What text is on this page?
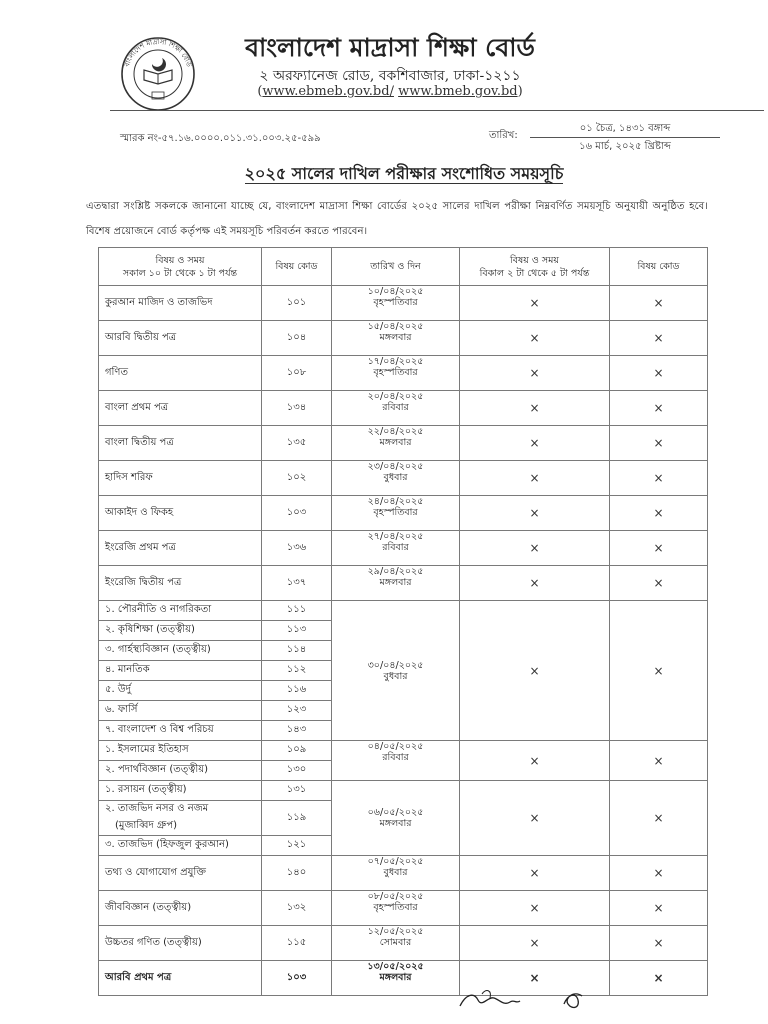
বাংলাদেশ মাদ্রাসা শিক্ষা বোর্ড
বাংলাদেশ মাদ্রাসা শিক্ষা বোর্ড
২ অরফ্যানেজ রোড, বকশিবাজার, ঢাকা-১২১১
(www.ebmeb.gov.bd/ www.bmeb.gov.bd)
স্মারক নং-৫৭.১৬.০০০০.০১১.৩১.০০৩.২৫-৫৯৯	তারিখ:
০১ চৈত্র, ১৪৩১ বঙ্গাব্দ
১৬ মার্চ, ২০২৫ খ্রিষ্টাব্দ
২০২৫ সালের দাখিল পরীক্ষার সংশোধিত সময়সূচি
এতদ্বারা সংশ্লিষ্ট সকলকে জানানো যাচ্ছে যে, বাংলাদেশ মাদ্রাসা শিক্ষা বোর্ডের ২০২৫ সালের দাখিল পরীক্ষা নিম্নবর্ণিত সময়সূচি অনুযায়ী অনুষ্ঠিত হবে। বিশেষ প্রয়োজনে বোর্ড কর্তৃপক্ষ এই সময়সূচি পরিবর্তন করতে পারবেন।
বিষয় ও সময়
সকাল ১০ টা থেকে ১ টা পর্যন্ত	বিষয় কোড	তারিখ ও দিন	বিষয় ও সময়
বিকাল ২ টা থেকে ৫ টা পর্যন্ত	বিষয় কোড
কুরআন মাজিদ ও তাজভিদ	১০১	১০/০৪/২০২৫
বৃহস্পতিবার	×	×
আরবি দ্বিতীয় পত্র	১০৪	১৫/০৪/২০২৫
মঙ্গলবার	×	×
গণিত	১০৮	১৭/০৪/২০২৫
বৃহস্পতিবার	×	×
বাংলা প্রথম পত্র	১৩৪	২০/০৪/২০২৫
রবিবার	×	×
বাংলা দ্বিতীয় পত্র	১৩৫	২২/০৪/২০২৫
মঙ্গলবার	×	×
হাদিস শরিফ	১০২	২৩/০৪/২০২৫
বুধবার	×	×
আকাইদ ও ফিকহ	১০৩	২৪/০৪/২০২৫
বৃহস্পতিবার	×	×
ইংরেজি প্রথম পত্র	১৩৬	২৭/০৪/২০২৫
রবিবার	×	×
ইংরেজি দ্বিতীয় পত্র	১৩৭	২৯/০৪/২০২৫
মঙ্গলবার	×	×

১. পৌরনীতি ও নাগরিকতা	১১১	৩০/০৪/২০২৫
বুধবার	×	×

২. কৃষিশিক্ষা (তত্ত্বীয়)	১১৩			

৩. গার্হস্থ্যবিজ্ঞান (তত্ত্বীয়)	১১৪			

৪. মানতিক	১১২			

৫. উর্দু	১১৬			

৬. ফার্সি	১২৩			

৭. বাংলাদেশ ও বিশ্ব পরিচয়	১৪৩			

১. ইসলামের ইতিহাস	১০৯	০৪/০৫/২০২৫
রবিবার	×	×

২. পদার্থবিজ্ঞান (তত্ত্বীয়)	১৩০			

১. রসায়ন (তত্ত্বীয়)	১৩১	০৬/০৫/২০২৫
মঙ্গলবার	×	×

২. তাজভিদ নসর ও নজম
(মুজাব্বিদ গ্রুপ)	১১৯			

৩. তাজভিদ (হিফজুল কুরআন)	১২১			
তথ্য ও যোগাযোগ প্রযুক্তি	১৪০	০৭/০৫/২০২৫
বুধবার	×	×
জীববিজ্ঞান (তত্ত্বীয়)	১৩২	০৮/০৫/২০২৫
বৃহস্পতিবার	×	×
উচ্চতর গণিত (তত্ত্বীয়)	১১৫	১২/০৫/২০২৫
সোমবার	×	×
আরবি প্রথম পত্র	১০৩	১৩/০৫/২০২৫
মঙ্গলবার	×	×
